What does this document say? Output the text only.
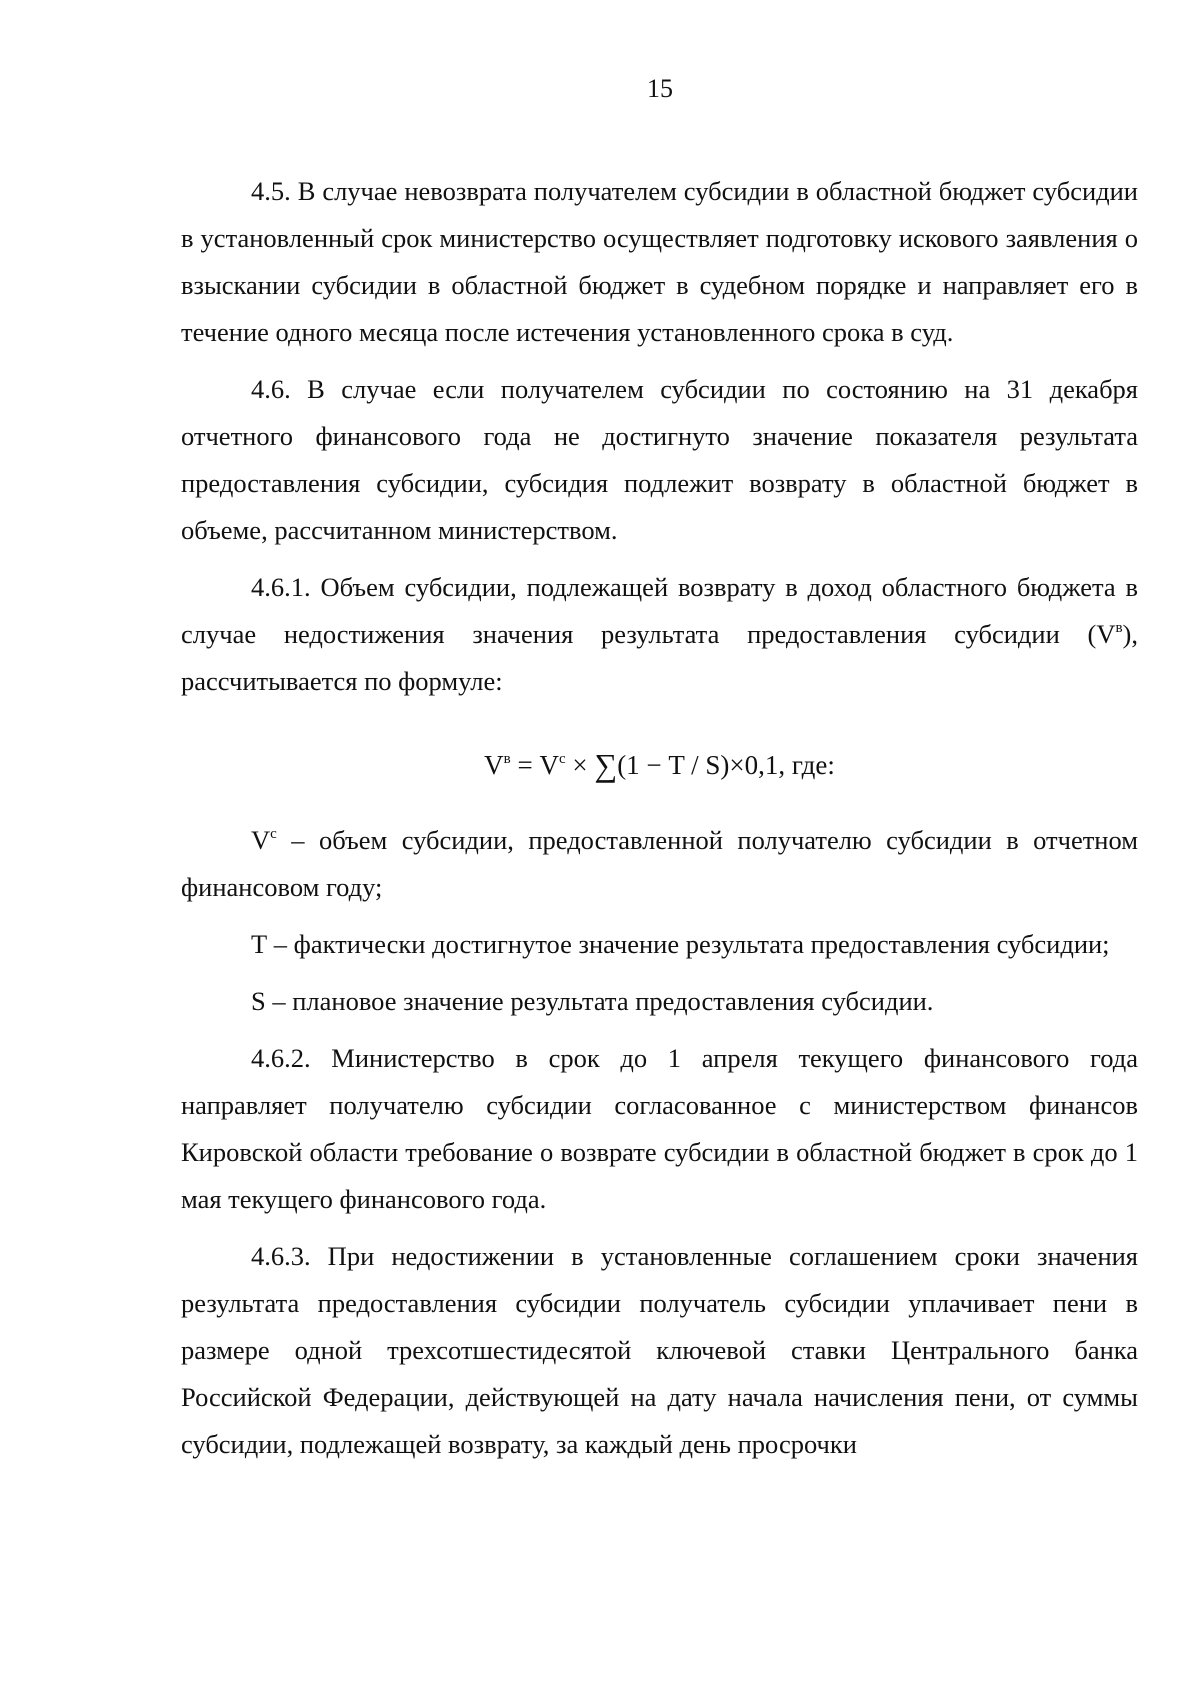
15

4.5. В случае невозврата получателем субсидии в областной бюджет субсидии в установленный срок министерство осуществляет подготовку искового заявления о взыскании субсидии в областной бюджет в судебном порядке и направляет его в течение одного месяца после истечения установленного срока в суд.

4.6. В случае если получателем субсидии по состоянию на 31 декабря отчетного финансового года не достигнуто значение показателя результата предоставления субсидии, субсидия подлежит возврату в областной бюджет в объеме, рассчитанном министерством.

4.6.1. Объем субсидии, подлежащей возврату в доход областного бюджета в случае недостижения значения результата предоставления субсидии $(V^в)$, рассчитывается по формуле:

$V^в = V^с \times \sum(1 - T / S)\times 0,1$, где:

$V^с$ – объем субсидии, предоставленной получателю субсидии в отчетном финансовом году;

Т – фактически достигнутое значение результата предоставления субсидии;

S – плановое значение результата предоставления субсидии.

4.6.2. Министерство в срок до 1 апреля текущего финансового года направляет получателю субсидии согласованное с министерством финансов Кировской области требование о возврате субсидии в областной бюджет в срок до 1 мая текущего финансового года.

4.6.3. При недостижении в установленные соглашением сроки значения результата предоставления субсидии получатель субсидии уплачивает пени в размере одной трехсотшестидесятой ключевой ставки Центрального банка Российской Федерации, действующей на дату начала начисления пени, от суммы субсидии, подлежащей возврату, за каждый день просрочки
